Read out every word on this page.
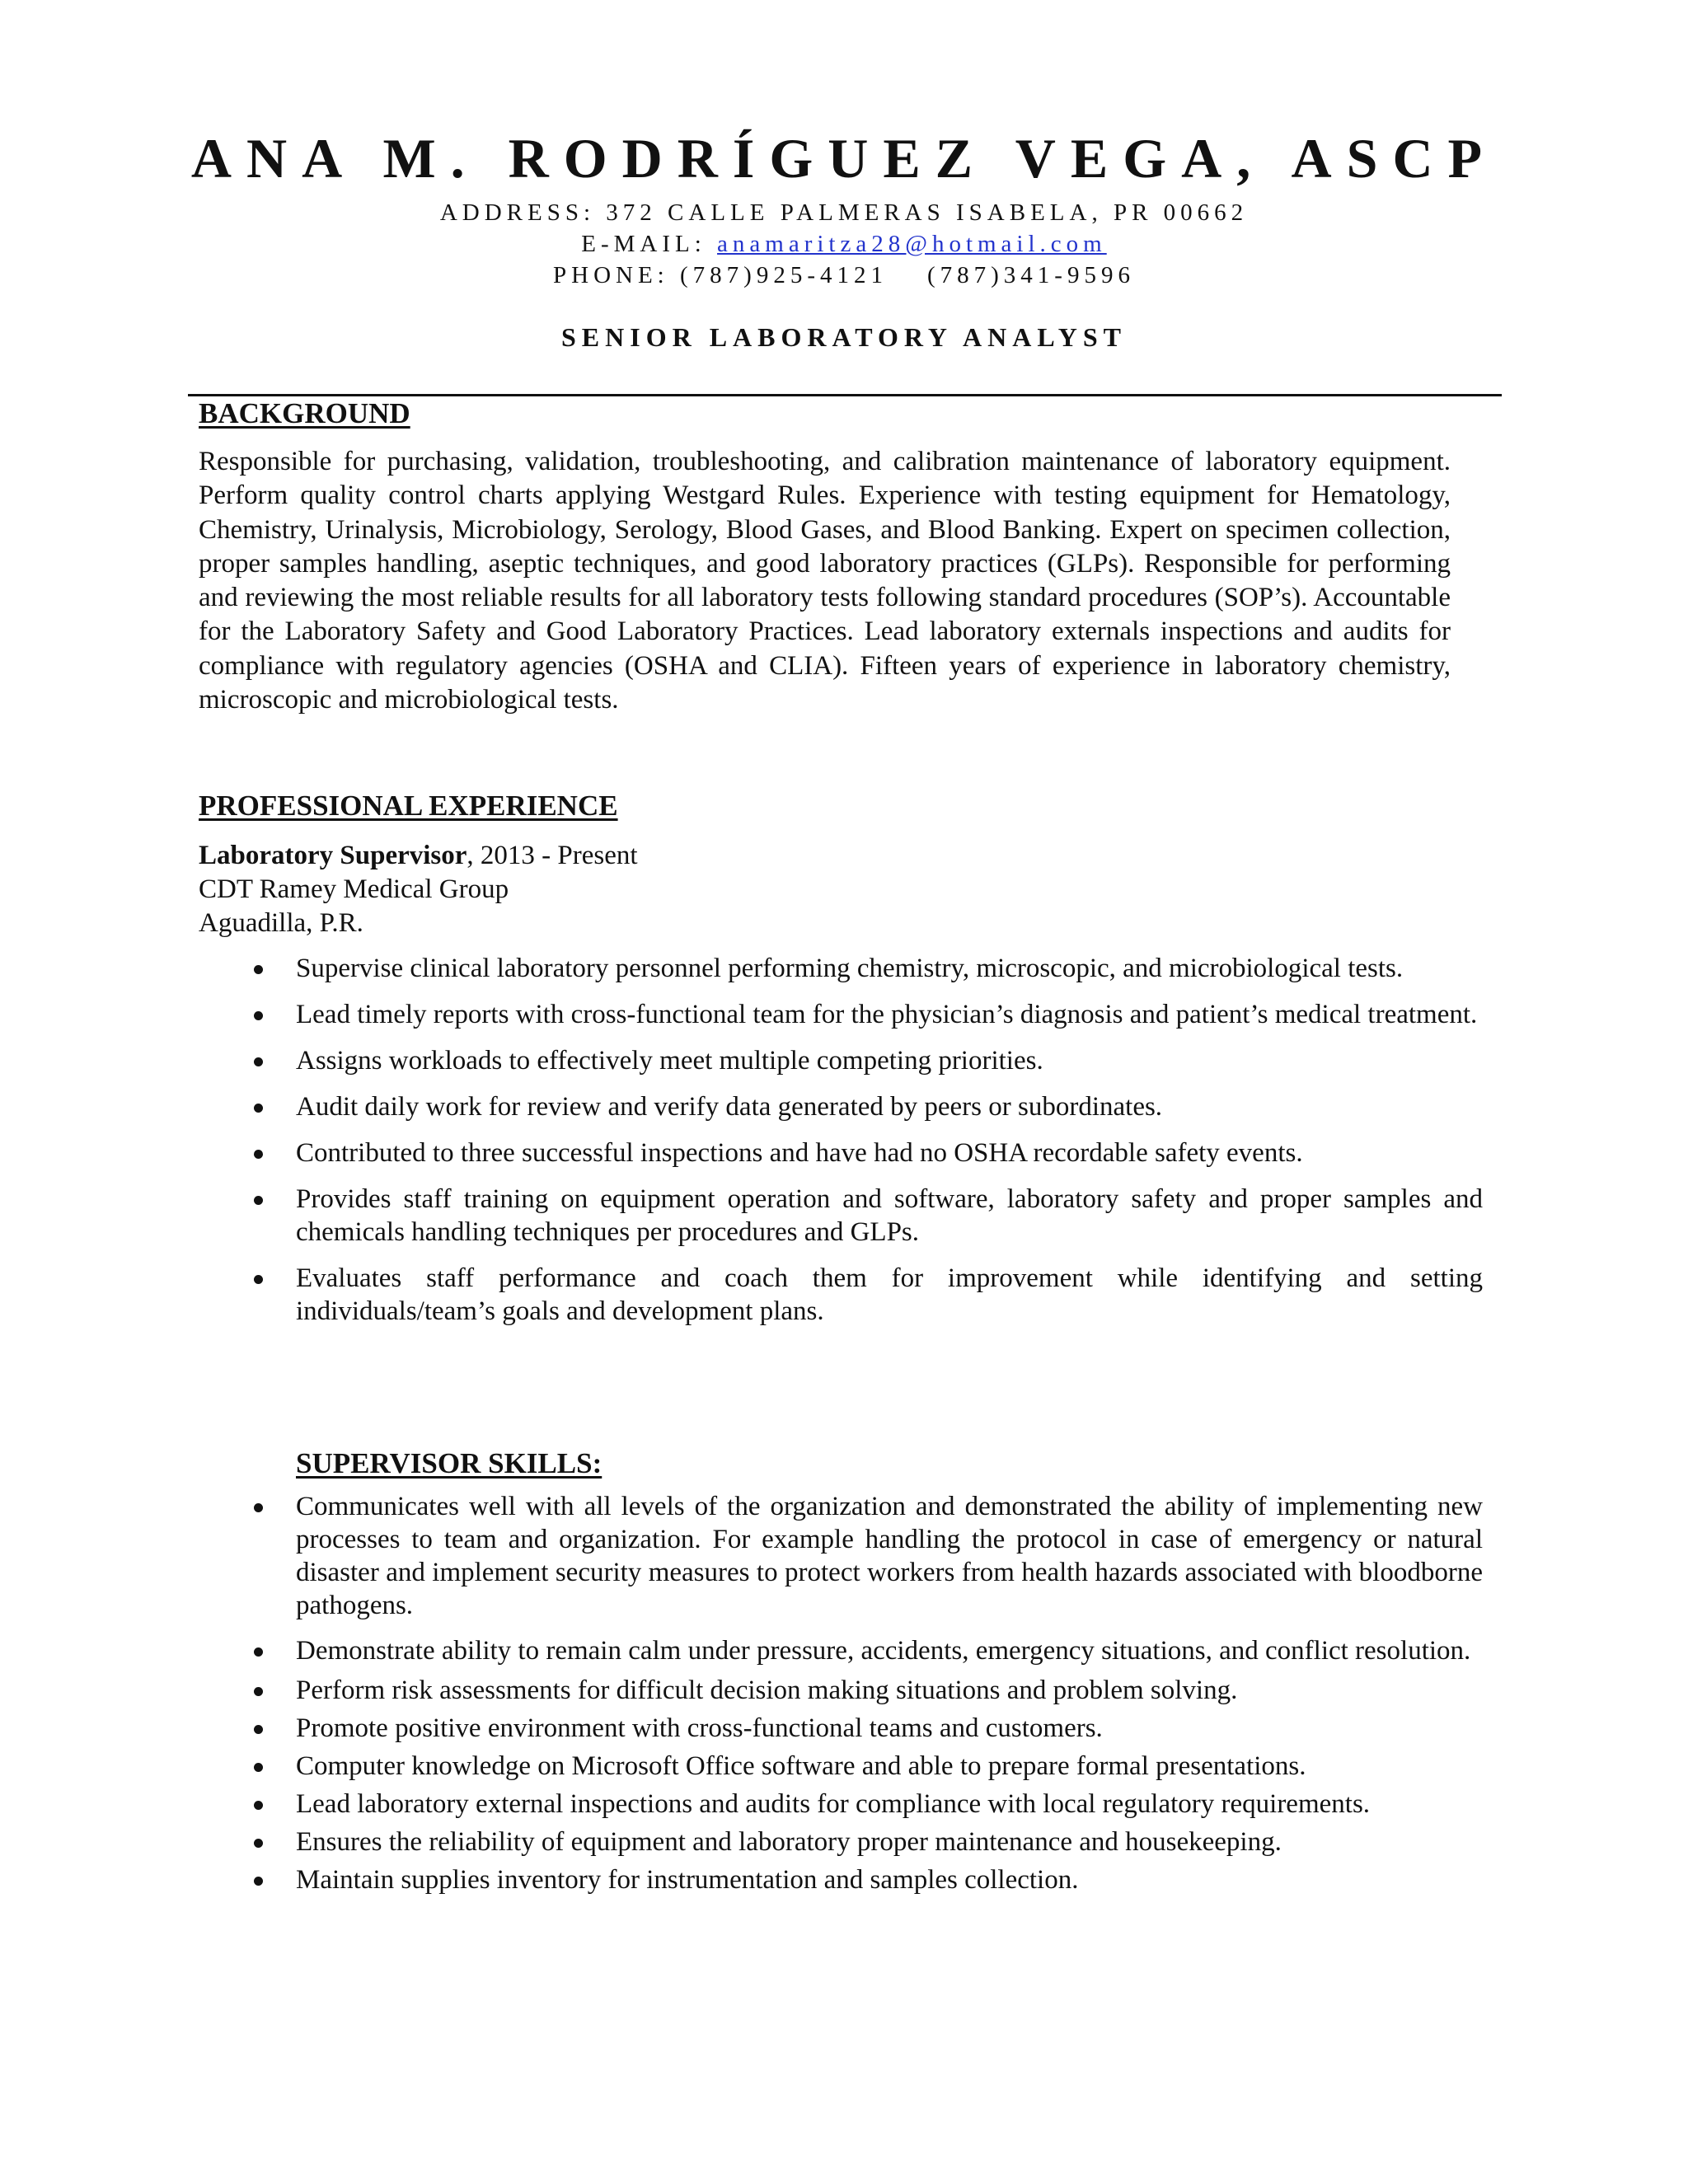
ANA M. RODRÍGUEZ VEGA, ASCP
ADDRESS: 372 CALLE PALMERAS ISABELA, PR 00662
E-MAIL: anamaritza28@hotmail.com
PHONE: (787)925-4121 (787)341-9596
SENIOR LABORATORY ANALYST
BACKGROUND
Responsible for purchasing, validation, troubleshooting, and calibration maintenance of laboratory equipment. Perform quality control charts applying Westgard Rules. Experience with testing equipment for Hematology, Chemistry, Urinalysis, Microbiology, Serology, Blood Gases, and Blood Banking. Expert on specimen collection, proper samples handling, aseptic techniques, and good laboratory practices (GLPs). Responsible for performing and reviewing the most reliable results for all laboratory tests following standard procedures (SOP’s). Accountable for the Laboratory Safety and Good Laboratory Practices. Lead laboratory externals inspections and audits for compliance with regulatory agencies (OSHA and CLIA). Fifteen years of experience in laboratory chemistry, microscopic and microbiological tests.
PROFESSIONAL EXPERIENCE
Laboratory Supervisor, 2013 - Present
CDT Ramey Medical Group
Aguadilla, P.R.
Supervise clinical laboratory personnel performing chemistry, microscopic, and microbiological tests.
Lead timely reports with cross-functional team for the physician’s diagnosis and patient’s medical treatment.
Assigns workloads to effectively meet multiple competing priorities.
Audit daily work for review and verify data generated by peers or subordinates.
Contributed to three successful inspections and have had no OSHA recordable safety events.
Provides staff training on equipment operation and software, laboratory safety and proper samples and chemicals handling techniques per procedures and GLPs.
Evaluates staff performance and coach them for improvement while identifying and setting individuals/team’s goals and development plans.
SUPERVISOR SKILLS:
Communicates well with all levels of the organization and demonstrated the ability of implementing new processes to team and organization. For example handling the protocol in case of emergency or natural disaster and implement security measures to protect workers from health hazards associated with bloodborne pathogens.
Demonstrate ability to remain calm under pressure, accidents, emergency situations, and conflict resolution.
Perform risk assessments for difficult decision making situations and problem solving.
Promote positive environment with cross-functional teams and customers.
Computer knowledge on Microsoft Office software and able to prepare formal presentations.
Lead laboratory external inspections and audits for compliance with local regulatory requirements.
Ensures the reliability of equipment and laboratory proper maintenance and housekeeping.
Maintain supplies inventory for instrumentation and samples collection.
